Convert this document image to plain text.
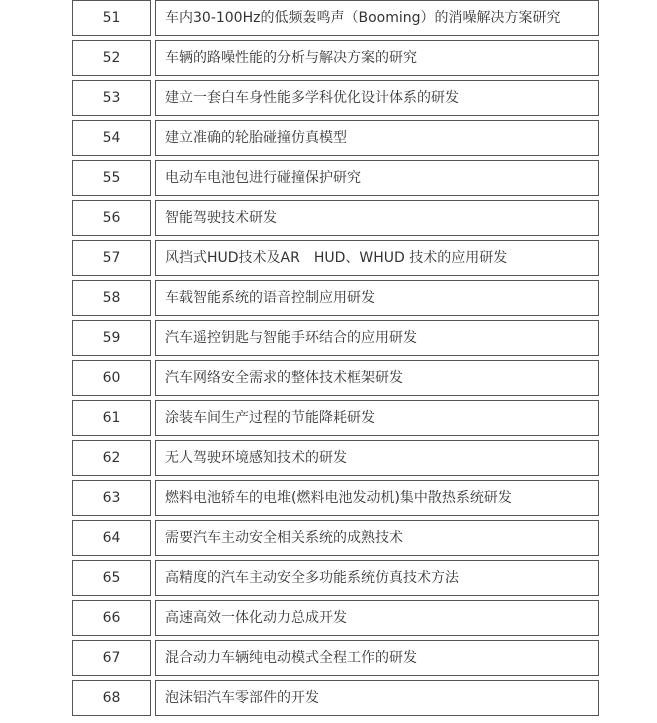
51	车内30-100Hz的低频轰鸣声（Booming）的消噪解决方案研究
52	车辆的路噪性能的分析与解决方案的研究
53	建立一套白车身性能多学科优化设计体系的研发
54	建立准确的轮胎碰撞仿真模型
55	电动车电池包进行碰撞保护研究
56	智能驾驶技术研发
57	风挡式HUD技术及AR　HUD、WHUD 技术的应用研发
58	车载智能系统的语音控制应用研发
59	汽车遥控钥匙与智能手环结合的应用研发
60	汽车网络安全需求的整体技术框架研发
61	涂装车间生产过程的节能降耗研发
62	无人驾驶环境感知技术的研发
63	燃料电池轿车的电堆(燃料电池发动机)集中散热系统研发
64	需要汽车主动安全相关系统的成熟技术
65	高精度的汽车主动安全多功能系统仿真技术方法
66	高速高效一体化动力总成开发
67	混合动力车辆纯电动模式全程工作的研发
68	泡沫铝汽车零部件的开发
